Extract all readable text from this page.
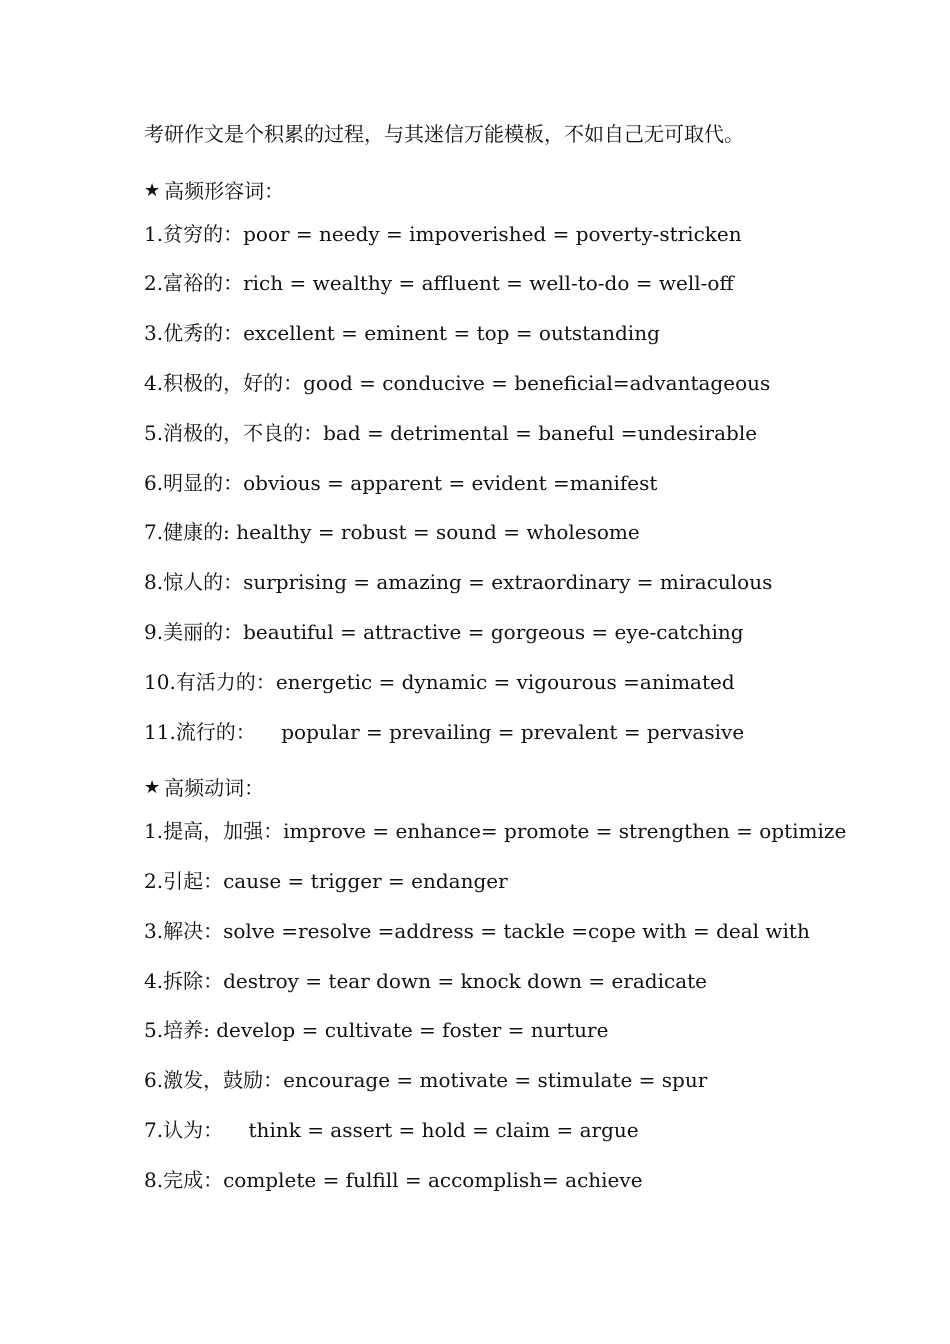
考研作文是个积累的过程，与其迷信万能模板，不如自己无可取代。
★ 高频形容词：
1.贫穷的：poor = needy = impoverished = poverty-stricken
2.富裕的：rich = wealthy = affluent = well-to-do = well-off
3.优秀的：excellent = eminent = top = outstanding
4.积极的，好的：good = conducive = beneficial=advantageous
5.消极的，不良的：bad = detrimental = baneful =undesirable
6.明显的：obvious = apparent = evident =manifest
7.健康的: healthy = robust = sound = wholesome
8.惊人的：surprising = amazing = extraordinary = miraculous
9.美丽的：beautiful = attractive = gorgeous = eye-catching
10.有活力的：energetic = dynamic = vigourous =animated
11.流行的：    popular = prevailing = prevalent = pervasive
★ 高频动词：
1.提高，加强：improve = enhance= promote = strengthen = optimize
2.引起：cause = trigger = endanger
3.解决：solve =resolve =address = tackle =cope with = deal with
4.拆除：destroy = tear down = knock down = eradicate
5.培养: develop = cultivate = foster = nurture
6.激发，鼓励：encourage = motivate = stimulate = spur
7.认为：    think = assert = hold = claim = argue
8.完成：complete = fulfill = accomplish= achieve
